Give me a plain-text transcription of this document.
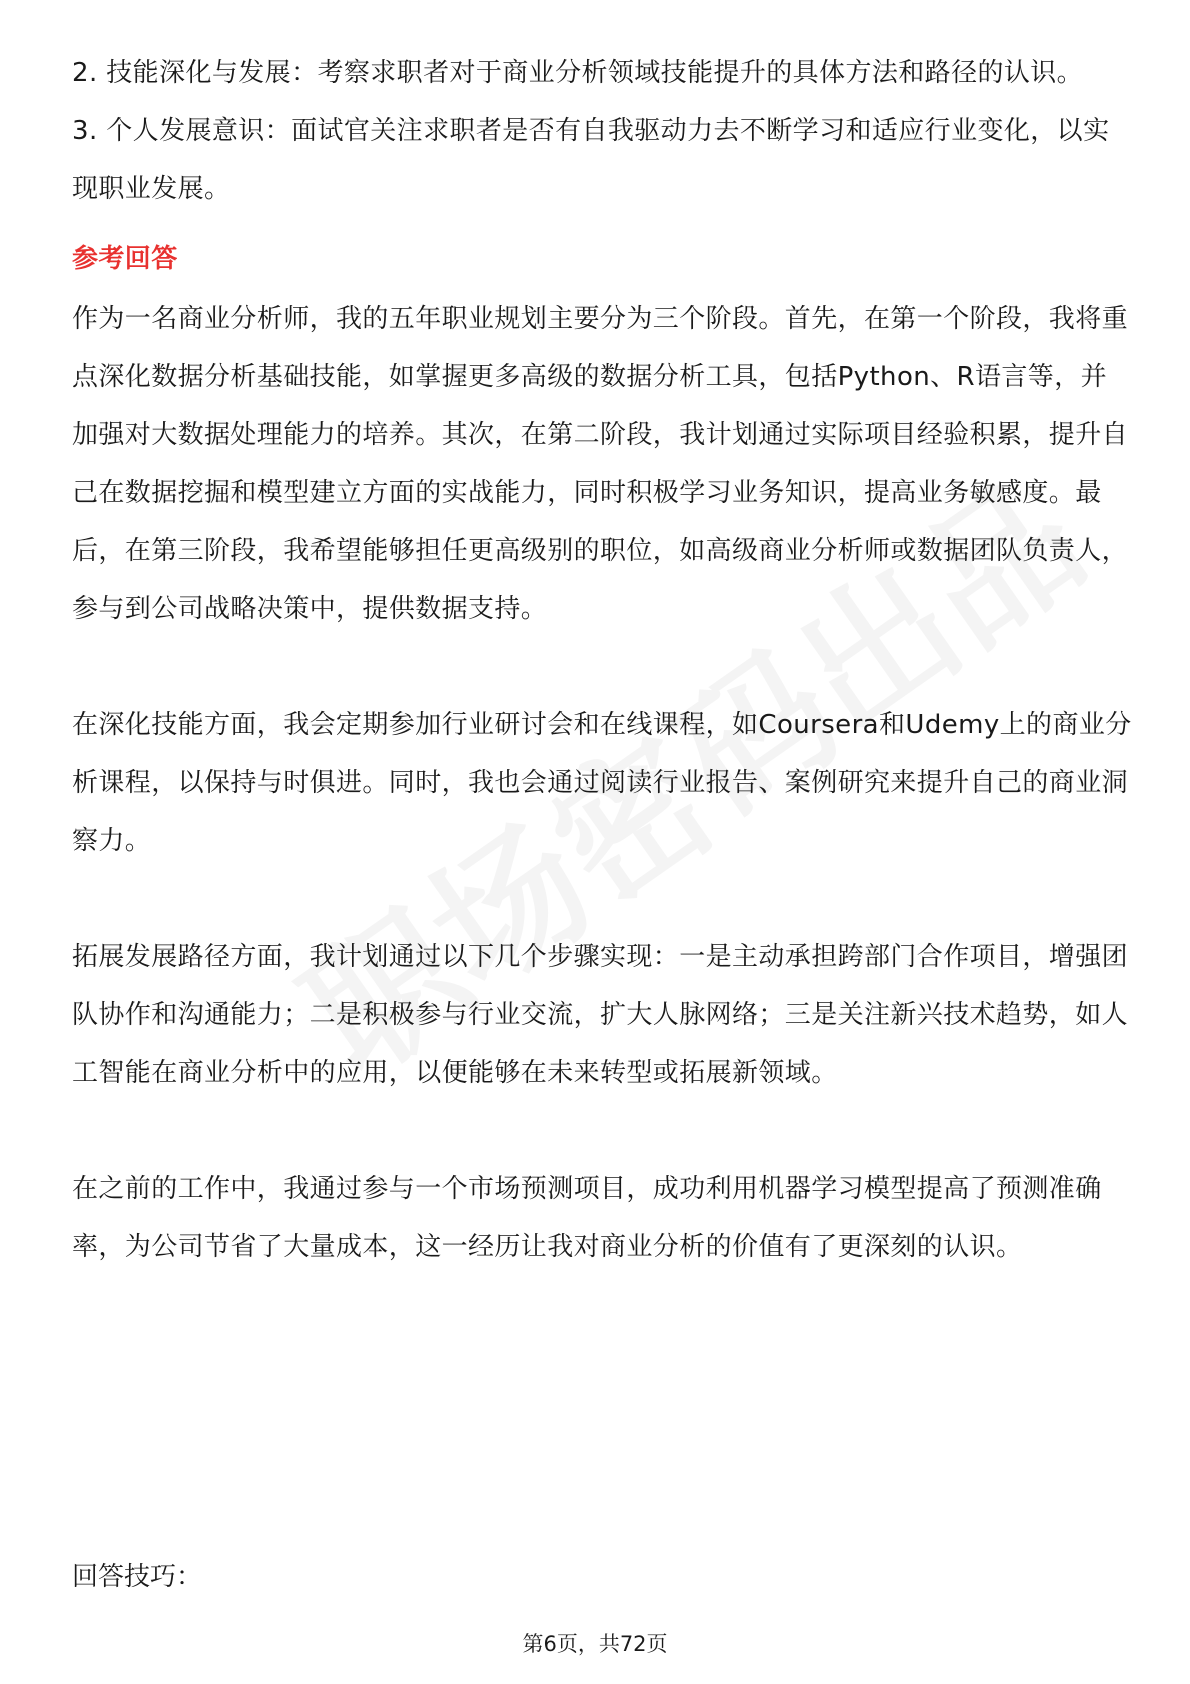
2. 技能深化与发展：考察求职者对于商业分析领域技能提升的具体方法和路径的认识。

3. 个人发展意识：面试官关注求职者是否有自我驱动力去不断学习和适应行业变化，以实现职业发展。

参考回答

作为一名商业分析师，我的五年职业规划主要分为三个阶段。首先，在第一个阶段，我将重点深化数据分析基础技能，如掌握更多高级的数据分析工具，包括Python、R语言等，并加强对大数据处理能力的培养。其次，在第二阶段，我计划通过实际项目经验积累，提升自己在数据挖掘和模型建立方面的实战能力，同时积极学习业务知识，提高业务敏感度。最后，在第三阶段，我希望能够担任更高级别的职位，如高级商业分析师或数据团队负责人，参与到公司战略决策中，提供数据支持。

在深化技能方面，我会定期参加行业研讨会和在线课程，如Coursera和Udemy上的商业分析课程，以保持与时俱进。同时，我也会通过阅读行业报告、案例研究来提升自己的商业洞察力。

拓展发展路径方面，我计划通过以下几个步骤实现：一是主动承担跨部门合作项目，增强团队协作和沟通能力；二是积极参与行业交流，扩大人脉网络；三是关注新兴技术趋势，如人工智能在商业分析中的应用，以便能够在未来转型或拓展新领域。

在之前的工作中，我通过参与一个市场预测项目，成功利用机器学习模型提高了预测准确率，为公司节省了大量成本，这一经历让我对商业分析的价值有了更深刻的认识。

回答技巧：

第6页，共72页
